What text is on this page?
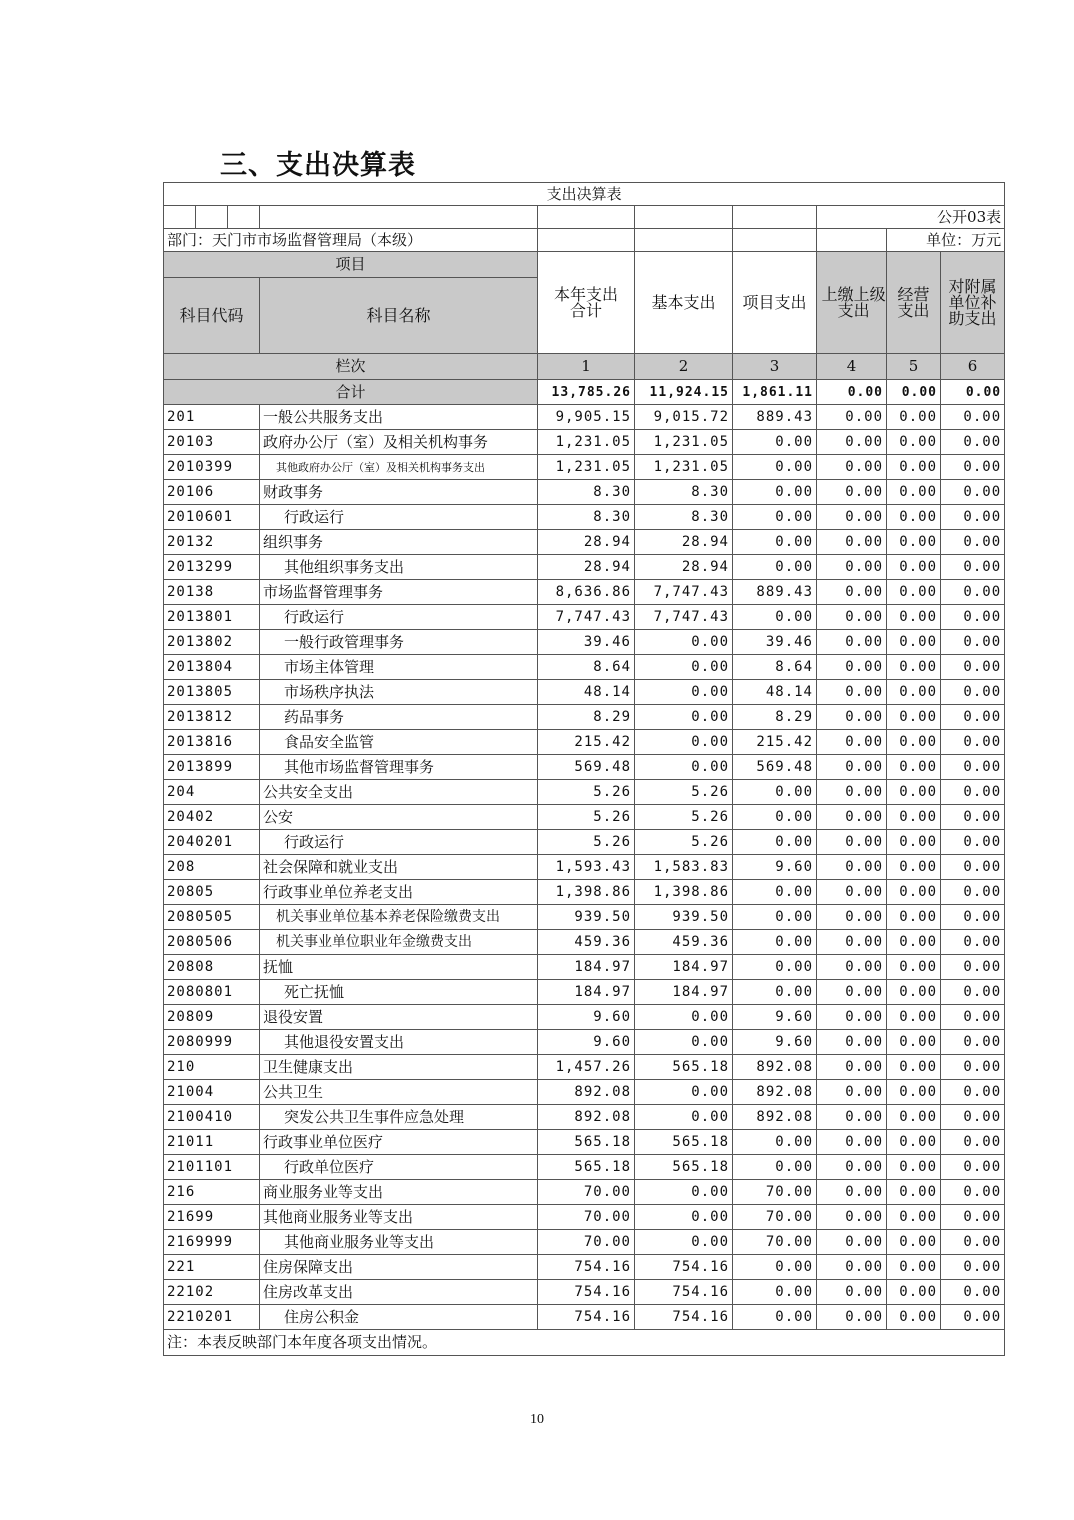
三、支出决算表
支出决算表									
							公开03表		
部门：天门市市场监督管理局（本级）								单位：万元	
项目				本年支出合计	基本支出	项目支出	上缴上级支出	经营支出	对附属单位补助支出

科目代码			科目名称						
栏次				1	2	3	4	5	6
合计				13,785.26	11,924.15	1,861.11	0.00	0.00	0.00
201			一般公共服务支出	9,905.15	9,015.72	889.43	0.00	0.00	0.00
20103			政府办公厅（室）及相关机构事务	1,231.05	1,231.05	0.00	0.00	0.00	0.00
2010399			其他政府办公厅（室）及相关机构事务支出	1,231.05	1,231.05	0.00	0.00	0.00	0.00
20106			财政事务	8.30	8.30	0.00	0.00	0.00	0.00
2010601			行政运行	8.30	8.30	0.00	0.00	0.00	0.00
20132			组织事务	28.94	28.94	0.00	0.00	0.00	0.00
2013299			其他组织事务支出	28.94	28.94	0.00	0.00	0.00	0.00
20138			市场监督管理事务	8,636.86	7,747.43	889.43	0.00	0.00	0.00
2013801			行政运行	7,747.43	7,747.43	0.00	0.00	0.00	0.00
2013802			一般行政管理事务	39.46	0.00	39.46	0.00	0.00	0.00
2013804			市场主体管理	8.64	0.00	8.64	0.00	0.00	0.00
2013805			市场秩序执法	48.14	0.00	48.14	0.00	0.00	0.00
2013812			药品事务	8.29	0.00	8.29	0.00	0.00	0.00
2013816			食品安全监管	215.42	0.00	215.42	0.00	0.00	0.00
2013899			其他市场监督管理事务	569.48	0.00	569.48	0.00	0.00	0.00
204			公共安全支出	5.26	5.26	0.00	0.00	0.00	0.00
20402			公安	5.26	5.26	0.00	0.00	0.00	0.00
2040201			行政运行	5.26	5.26	0.00	0.00	0.00	0.00
208			社会保障和就业支出	1,593.43	1,583.83	9.60	0.00	0.00	0.00
20805			行政事业单位养老支出	1,398.86	1,398.86	0.00	0.00	0.00	0.00
2080505			机关事业单位基本养老保险缴费支出	939.50	939.50	0.00	0.00	0.00	0.00
2080506			机关事业单位职业年金缴费支出	459.36	459.36	0.00	0.00	0.00	0.00
20808			抚恤	184.97	184.97	0.00	0.00	0.00	0.00
2080801			死亡抚恤	184.97	184.97	0.00	0.00	0.00	0.00
20809			退役安置	9.60	0.00	9.60	0.00	0.00	0.00
2080999			其他退役安置支出	9.60	0.00	9.60	0.00	0.00	0.00
210			卫生健康支出	1,457.26	565.18	892.08	0.00	0.00	0.00
21004			公共卫生	892.08	0.00	892.08	0.00	0.00	0.00
2100410			突发公共卫生事件应急处理	892.08	0.00	892.08	0.00	0.00	0.00
21011			行政事业单位医疗	565.18	565.18	0.00	0.00	0.00	0.00
2101101			行政单位医疗	565.18	565.18	0.00	0.00	0.00	0.00
216			商业服务业等支出	70.00	0.00	70.00	0.00	0.00	0.00
21699			其他商业服务业等支出	70.00	0.00	70.00	0.00	0.00	0.00
2169999			其他商业服务业等支出	70.00	0.00	70.00	0.00	0.00	0.00
221			住房保障支出	754.16	754.16	0.00	0.00	0.00	0.00
22102			住房改革支出	754.16	754.16	0.00	0.00	0.00	0.00
2210201			住房公积金	754.16	754.16	0.00	0.00	0.00	0.00
注：本表反映部门本年度各项支出情况。									
10
